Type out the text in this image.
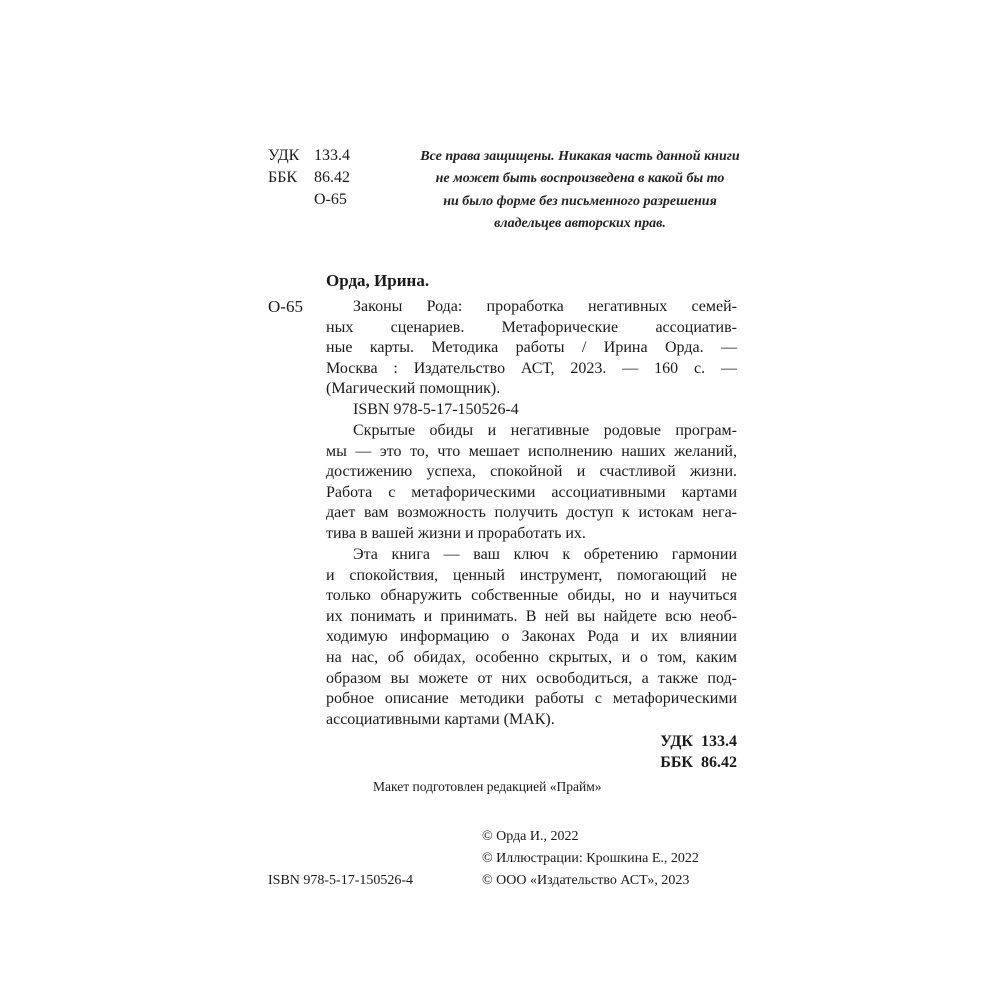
УДК 133.4
ББК	86.42
О-65
Все права защищены. Никакая часть данной книги
не может быть воспроизведена в какой бы то
ни было форме без письменного разрешения
владельцев авторских прав.
Орда, Ирина.
О-65	Законы Рода: проработка негативных семей-
ных сценариев. Метафорические ассоциатив-
ные карты. Методика работы / Ирина Орда. —
Москва : Издательство АСТ, 2023. — 160 с. —
(Магический помощник).
ISBN 978-5-17-150526-4
Скрытые обиды и негативные родовые програм-
мы — это то, что мешает исполнению наших желаний,
достижению успеха, спокойной и счастливой жизни.
Работа с метафорическими ассоциативными картами
дает вам возможность получить доступ к истокам нега-
тива в вашей жизни и проработать их.
Эта книга — ваш ключ к обретению гармонии
и спокойствия, ценный инструмент, помогающий не
только обнаружить собственные обиды, но и научиться
их понимать и принимать. В ней вы найдете всю необ-
ходимую информацию о Законах Рода и их влиянии
на нас, об обидах, особенно скрытых, и о том, каким
образом вы можете от них освободиться, а также под-
робное описание методики работы с метафорическими
ассоциативными картами (МАК).
УДК  133.4
ББК  86.42
Макет подготовлен редакцией «Прайм»
© Орда И., 2022
© Иллюстрации: Крошкина Е., 2022
© ООО «Издательство АСТ», 2023
ISBN 978-5-17-150526-4
